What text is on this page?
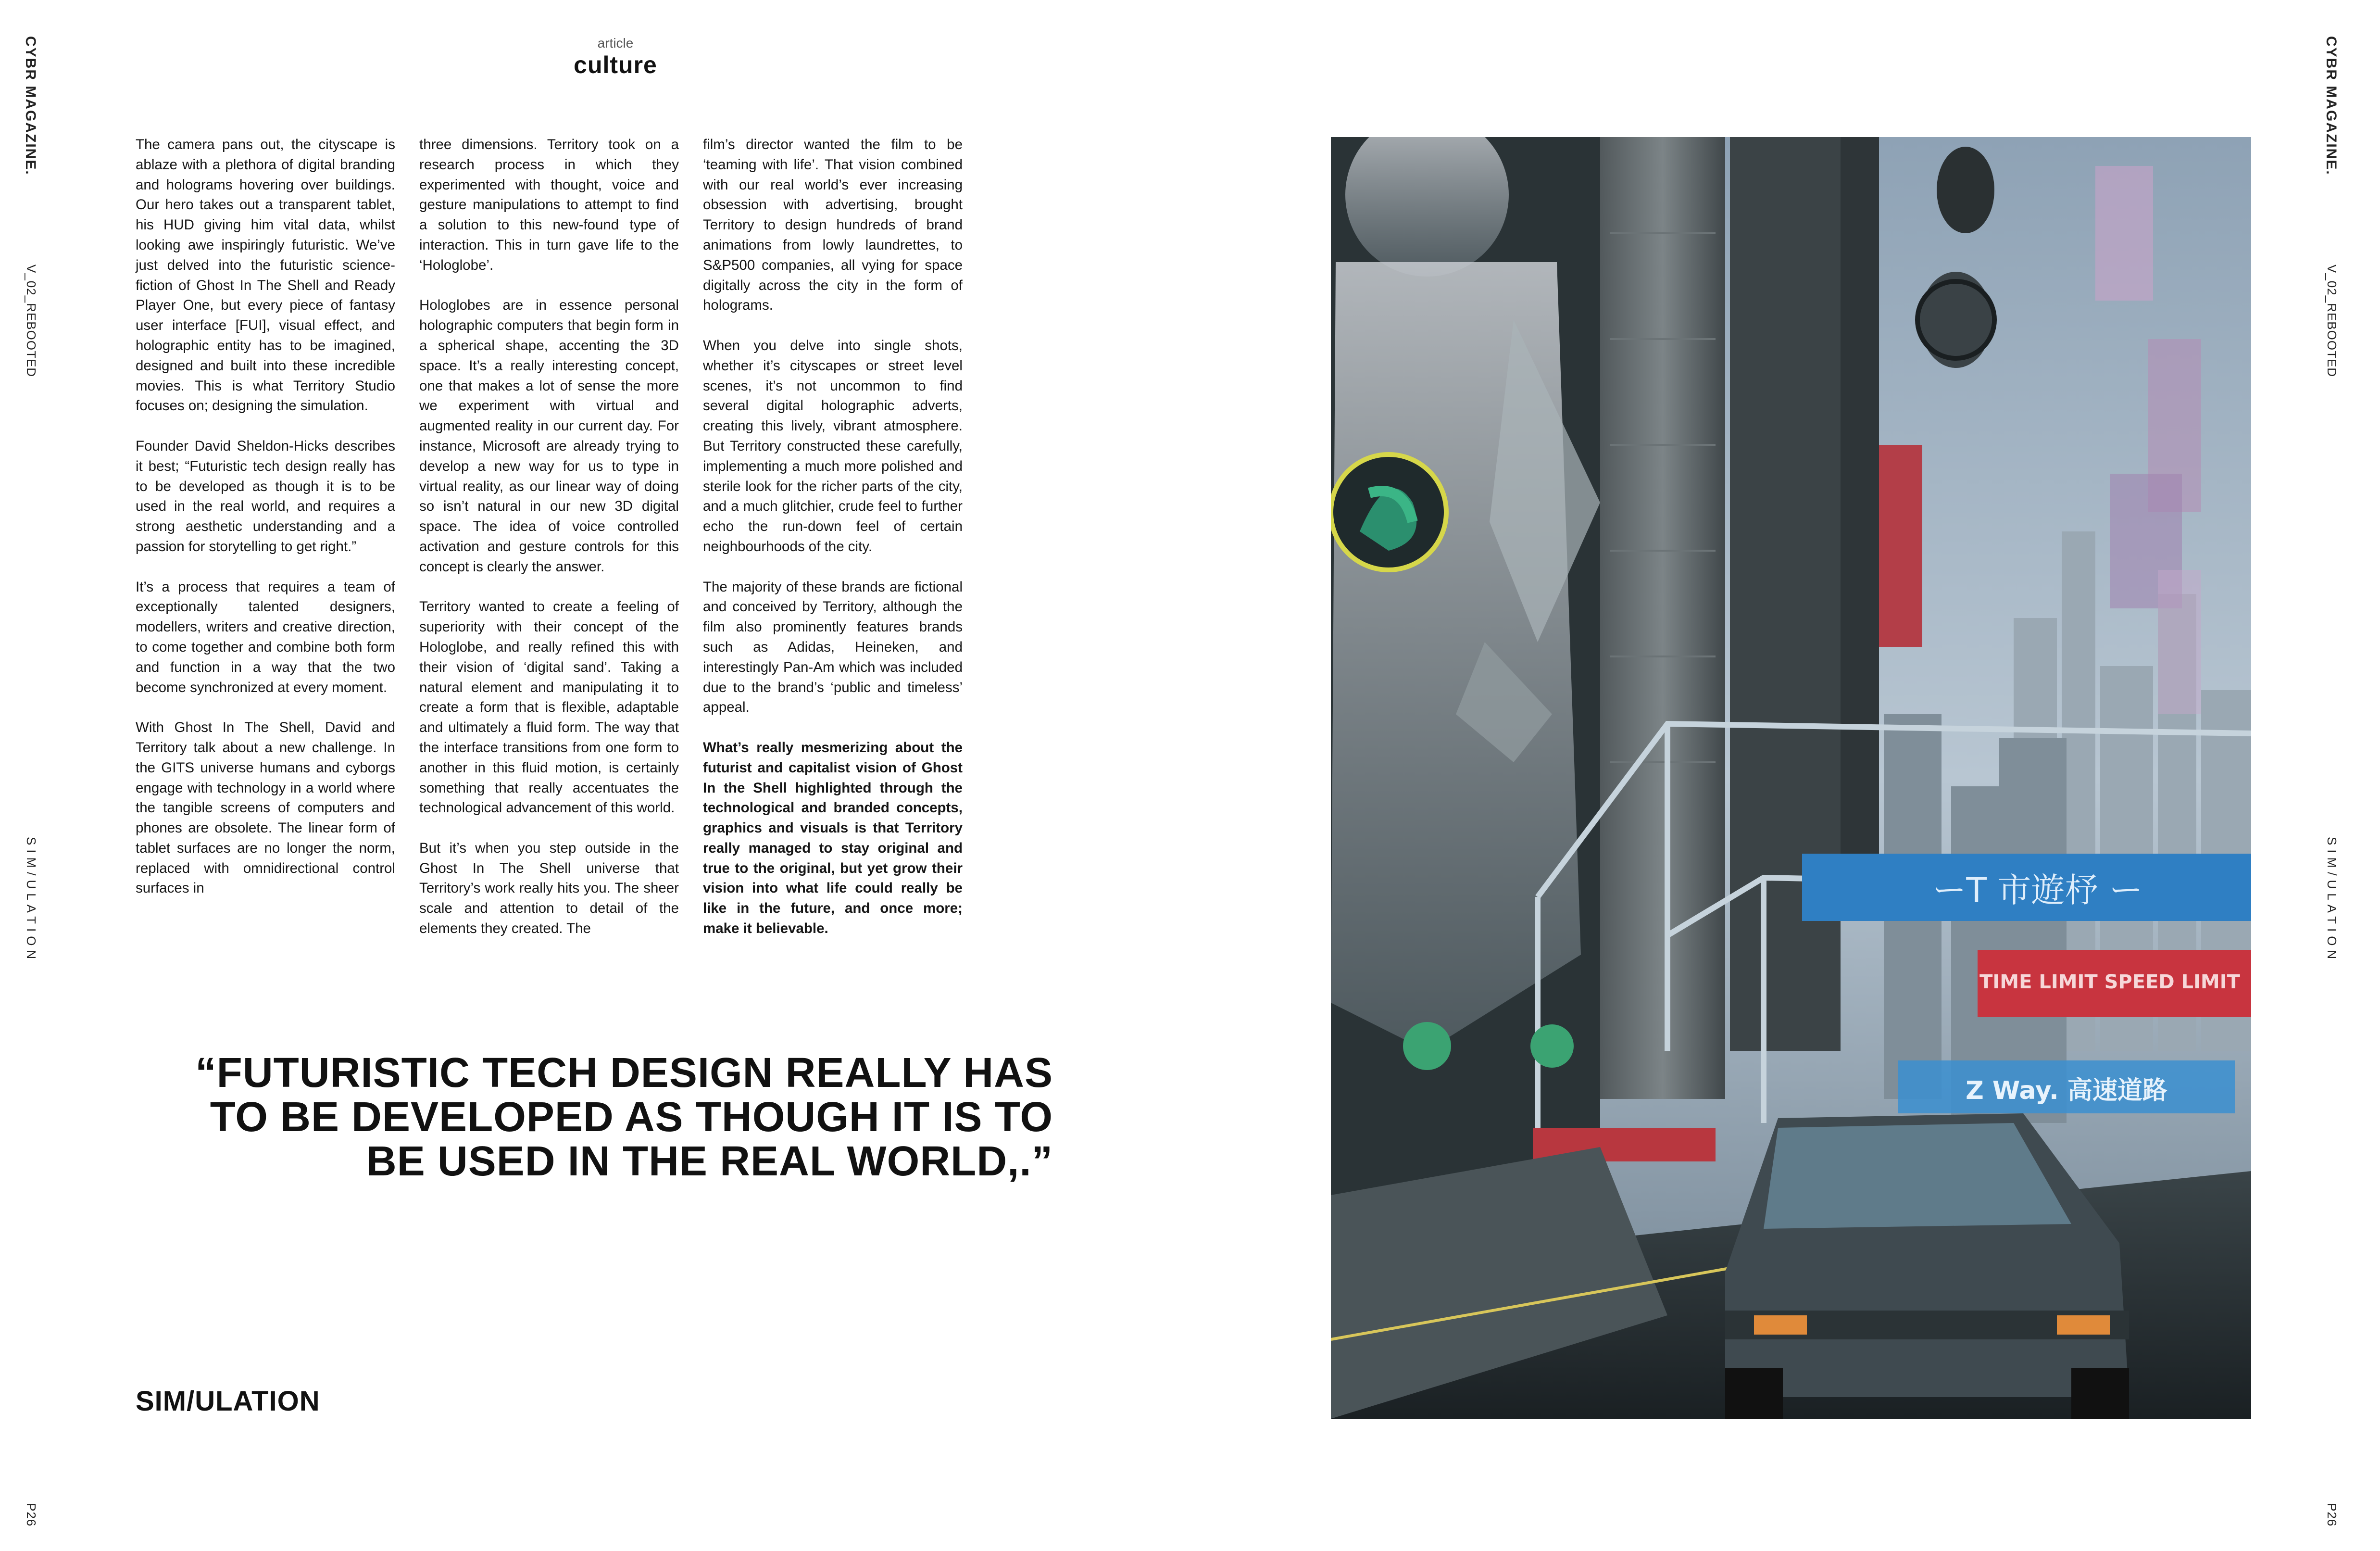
CYBR MAGAZINE.
V_02_REBOOTED
SIM/ULATION
P26
article
culture

The camera pans out, the cityscape is ablaze with a plethora of digital branding and holograms hovering over buildings. Our hero takes out a transparent tablet, his HUD giving him vital data, whilst looking awe inspiringly futuristic. We’ve just delved into the futuristic science-fiction of Ghost In The Shell and Ready Player One, but every piece of fantasy user interface [FUI], visual effect, and holographic entity has to be imagined, designed and built into these incredible movies. This is what Territory Studio focuses on; designing the simulation.

Founder David Sheldon-Hicks describes it best; “Futuristic tech design really has to be developed as though it is to be used in the real world, and requires a strong aesthetic understanding and a passion for storytelling to get right.”

It’s a process that requires a team of exceptionally talented designers, modellers, writers and creative direction, to come together and combine both form and function in a way that the two become synchronized at every moment.

With Ghost In The Shell, David and Territory talk about a new challenge. In the GITS universe humans and cyborgs engage with technology in a world where the tangible screens of computers and phones are obsolete. The linear form of tablet surfaces are no longer the norm, replaced with omnidirectional control surfaces in

three dimensions. Territory took on a research process in which they experimented with thought, voice and gesture manipulations to attempt to find a solution to this new-found type of interaction. This in turn gave life to the ‘Hologlobe’.

Hologlobes are in essence personal holographic computers that begin form in a spherical shape, accenting the 3D space. It’s a really interesting concept, one that makes a lot of sense the more we experiment with virtual and augmented reality in our current day. For instance, Microsoft are already trying to develop a new way for us to type in virtual reality, as our linear way of doing so isn’t natural in our new 3D digital space. The idea of voice controlled activation and gesture controls for this concept is clearly the answer.

Territory wanted to create a feeling of superiority with their concept of the Hologlobe, and really refined this with their vision of ‘digital sand’. Taking a natural element and manipulating it to create a form that is flexible, adaptable and ultimately a fluid form. The way that the interface transitions from one form to another in this fluid motion, is certainly something that really accentuates the technological advancement of this world.

But it’s when you step outside in the Ghost In The Shell universe that Territory’s work really hits you. The sheer scale and attention to detail of the elements they created. The

film’s director wanted the film to be ‘teaming with life’. That vision combined with our real world’s ever increasing obsession with advertising, brought Territory to design hundreds of brand animations from lowly laundrettes, to S&P500 companies, all vying for space digitally across the city in the form of holograms.

When you delve into single shots, whether it’s cityscapes or street level scenes, it’s not uncommon to find several digital holographic adverts, creating this lively, vibrant atmosphere. But Territory constructed these carefully, implementing a much more polished and sterile look for the richer parts of the city, and a much glitchier, crude feel to further echo the run-down feel of certain neighbourhoods of the city.

The majority of these brands are fictional and conceived by Territory, although the film also prominently features brands such as Adidas, Heineken, and interestingly Pan-Am which was included due to the brand’s ‘public and timeless’ appeal.

What’s really mesmerizing about the futurist and capitalist vision of Ghost In the Shell highlighted through the technological and branded concepts, graphics and visuals is that Territory really managed to stay original and true to the original, but yet grow their vision into what life could really be like in the future, and once more; make it believable.

“FUTURISTIC TECH DESIGN REALLY HAS TO BE DEVELOPED AS THOUGH IT IS TO BE USED IN THE REAL WORLD,.”
SIM/ULATION
ーT 市遊杼 ー
TIME LIMIT SPEED LIMIT
Z Way. 高速道路
CYBR MAGAZINE.
V_02_REBOOTED
SIM/ULATION
P26
